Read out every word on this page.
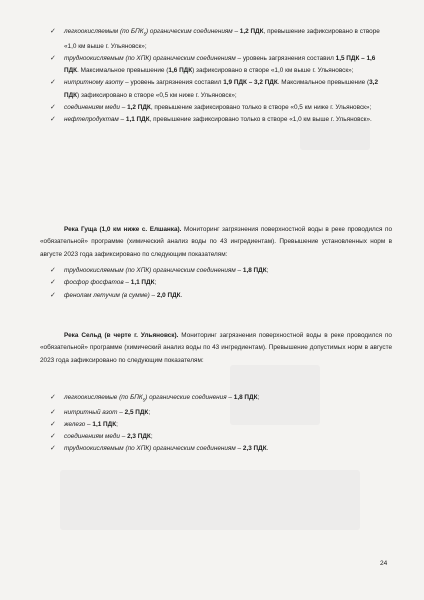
✓ легкоокисляемым (по $БПК_5$) органическим соединениям – 1,2 ПДК, превышение зафиксировано в створе «1,0 км выше г. Ульяновск»;
✓ трудноокисляемым (по ХПК) органическим соединениям – уровень загрязнения составил 1,5 ПДК – 1,6 ПДК. Максимальное превышение (1,6 ПДК) зафиксировано в створе «1,0 км выше г. Ульяновск»;
✓ нитритному азоту – уровень загрязнения составил 1,9 ПДК – 3,2 ПДК. Максимальное превышение (3,2 ПДК) зафиксировано в створе «0,5 км ниже г. Ульяновск»;
✓ соединениям меди – 1,2 ПДК, превышение зафиксировано только в створе «0,5 км ниже г. Ульяновск»;
✓ нефтепродуктам – 1,1 ПДК, превышение зафиксировано только в створе «1,0 км выше г. Ульяновск».
Река Гуща (1,0 км ниже с. Елшанка). Мониторинг загрязнения поверхностной воды в реке проводился по «обязательной» программе (химический анализ воды по 43 ингредиентам). Превышение установленных норм в августе 2023 года зафиксировано по следующим показателям:
✓ трудноокисляемым (по ХПК) органическим соединениям – 1,8 ПДК;
✓ фосфор фосфатов – 1,1 ПДК;
✓ фенолам летучим (в сумме) – 2,0 ПДК.
Река Сельд (в черте г. Ульяновск). Мониторинг загрязнения поверхностной воды в реке проводился по «обязательной» программе (химический анализ воды по 43 ингредиентам). Превышение допустимых норм в августе 2023 года зафиксировано по следующим показателям:
✓ легкоокисляемые (по $БПК_5$) органические соединения – 1,8 ПДК;
✓ нитритный азот – 2,5 ПДК;
✓ железо – 1,1 ПДК;
✓ соединениям меди – 2,3 ПДК;
✓ трудноокисляемым (по ХПК) органическим соединениям – 2,3 ПДК.
24
